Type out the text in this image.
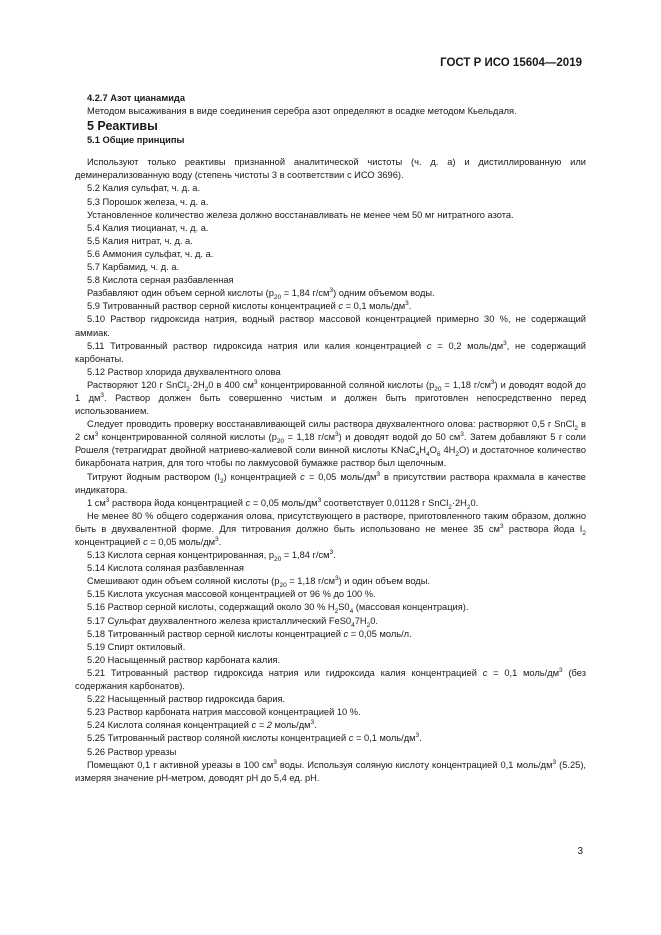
ГОСТ Р ИСО 15604—2019

4.2.7 Азот цианамида

Методом высаживания в виде соединения серебра азот определяют в осадке методом Кьельдаля.

5 Реактивы

5.1 Общие принципы

Используют только реактивы признанной аналитической чистоты (ч. д. а) и дистиллированную или деминерализованную воду (степень чистоты 3 в соответствии с ИСО 3696).

5.2 Калия сульфат, ч. д. а.

5.3 Порошок железа, ч. д. а.

Установленное количество железа должно восстанавливать не менее чем 50 мг нитратного азота.

5.4 Калия тиоцианат, ч. д. а.

5.5 Калия нитрат, ч. д. а.

5.6 Аммония сульфат, ч. д. а.

5.7 Карбамид, ч. д. а.

5.8 Кислота серная разбавленная

Разбавляют один объем серной кислоты ($p_{20} = 1,84$ $г/см^3$) одним объемом воды.

5.9 Титрованный раствор серной кислоты концентрацией с = 0,1 моль/$дм^3$.

5.10 Раствор гидроксида натрия, водный раствор массовой концентрацией примерно 30 %, не содержащий аммиак.

5.11 Титрованный раствор гидроксида натрия или калия концентрацией с = 0,2 моль/$дм^3$, не содержащий карбонаты.

5.12 Раствор хлорида двухвалентного олова

Растворяют 120 г $SnCl_2\cdot 2H_20$ в 400 $см^3$ концентрированной соляной кислоты ($p_{20} = 1,18$ $г/см^3$) и доводят водой до 1 $дм^3$. Раствор должен быть совершенно чистым и должен быть приготовлен непосредственно перед использованием.

Следует проводить проверку восстанавливающей силы раствора двухвалентного олова: растворяют 0,5 г SnCl$_2$ в 2 $см^3$ концентрированной соляной кислоты ($p_{20} = 1,18$ $г/см^3$) и доводят водой до 50 $см^3$. Затем добавляют 5 г соли Рошеля (тетрагидрат двойной натриево-калиевой соли винной кислоты $KNaC_4H_4O_6$ $4H_2O$) и достаточное количество бикарбоната натрия, для того чтобы по лакмусовой бумажке раствор был щелочным.

Титруют йодным раствором $(I_2)$ концентрацией с = 0,05 моль/$дм^3$ в присутствии раствора крахмала в качестве индикатора.

1 $см^3$ раствора йода концентрацией с = 0,05 моль/$дм^3$ соответствует 0,01128 г $SnCl_2\cdot 2H_20$.

Не менее 80 % общего содержания олова, присутствующего в растворе, приготовленного таким образом, должно быть в двухвалентной форме. Для титрования должно быть использовано не менее 35 $см^3$ раствора йода $I_2$ концентрацией с = 0,05 моль/$дм^3$.

5.13 Кислота серная концентрированная, $p_{20} = 1,84$ $г/см^3$.

5.14 Кислота соляная разбавленная

Смешивают один объем соляной кислоты ($p_{20} = 1,18$ $г/см^3$) и один объем воды.

5.15 Кислота уксусная массовой концентрацией от 96 % до 100 %.

5.16 Раствор серной кислоты, содержащий около 30 % $H_2S0_4$ (массовая концентрация).

5.17 Сульфат двухвалентного железа кристаллический $FeS0_47H_20$.

5.18 Титрованный раствор серной кислоты концентрацией с = 0,05 моль/л.

5.19 Спирт октиловый.

5.20 Насыщенный раствор карбоната калия.

5.21 Титрованный раствор гидроксида натрия или гидроксида калия концентрацией с = 0,1 моль/$дм^3$ (без содержания карбонатов).

5.22 Насыщенный раствор гидроксида бария.

5.23 Раствор карбоната натрия массовой концентрацией 10 %.

5.24 Кислота соляная концентрацией с = 2 моль/$дм^3$.

5.25 Титрованный раствор соляной кислоты концентрацией с = 0,1 моль/$дм^3$.

5.26 Раствор уреазы

Помещают 0,1 г активной уреазы в 100 $см^3$ воды. Используя соляную кислоту концентрацией 0,1 моль/$дм^3$ (5.25), измеряя значение pH-метром, доводят pH до 5,4 ед. pH.

3
